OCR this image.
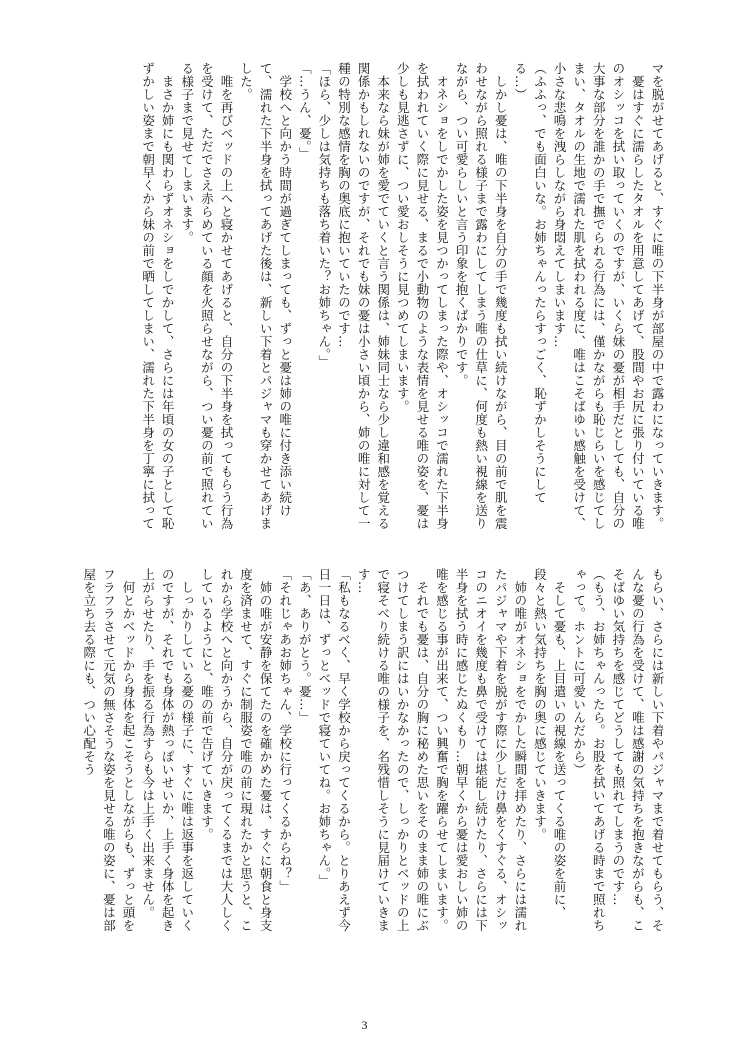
マを脱がせてあげると、すぐに唯の下半身が部屋の中で露わになっていきます。

　憂はすぐに濡らしたタオルを用意してあげて、股間やお尻に張り付いている唯のオシッコを拭い取っていくのですが、いくら妹の憂が相手だとしても、自分の大事な部分を誰かの手で撫でられる行為には、僅かながらも恥じらいを感じてしまい、タオルの生地で濡れた肌を拭われる度に、唯はこそばゆい感触を受けて、小さな悲鳴を洩らしながら身悶えてしまいます…

（ふふっ、でも面白いな。お姉ちゃんったらすっごく、恥ずかしそうにしてる…）

　しかし憂は、唯の下半身を自分の手で幾度も拭い続けながら、目の前で肌を震わせながら照れる様子まで露わにしてしまう唯の仕草に、何度も熱い視線を送りながら、つい可愛らしいと言う印象を抱くばかりです。

　オネショをしでかした姿を見つかってしまった際や、オシッコで濡れた下半身を拭われていく際に見せる、まるで小動物のような表情を見せる唯の姿を、憂は少しも見逃さずに、つい愛おしそうに見つめてしまいます。

　本来なら妹が姉を愛でていくと言う関係は、姉妹同士なら少し違和感を覚える関係かもしれないのですが、それでも妹の憂は小さい頃から、姉の唯に対して一種の特別な感情を胸の奥底に抱いていたのです…

「ほら、少しは気持ちも落ち着いた？お姉ちゃん。」

「…うん、憂。」

　学校へと向かう時間が過ぎてしまっても、ずっと憂は姉の唯に付き添い続けて、濡れた下半身を拭ってあげた後は、新しい下着とパジャマも穿かせてあげました。

　唯を再びベッドの上へと寝かせてあげると、自分の下半身を拭ってもらう行為を受けて、ただでさえ赤らめている顔を火照らせながら、つい憂の前で照れている様子まで見せてしまいます。

　まさか姉にも関わらずオネショをしでかして、さらには年頃の女の子として恥ずかしい姿まで朝早くから妹の前で晒してしまい、濡れた下半身を丁寧に拭って

もらい、さらには新しい下着やパジャマまで着せてもらう、そんな憂の行為を受けて、唯は感謝の気持ちを抱きながらも、こそばゆい気持ちを感じてどうしても照れてしまうのです…

（もう、お姉ちゃんったら。お股を拭いてあげる時まで照れちゃって。ホントに可愛いんだから）

　そして憂も、上目遣いの視線を送ってくる唯の姿を前に、段々と熱い気持ちを胸の奥に感じていきます。

　姉の唯がオネショをでかした瞬間を拝めたり、さらには濡れたパジャマや下着を脱がす際に少しだけ鼻をくすぐる、オシッコのニオイを幾度も鼻で受けては堪能し続けたり、さらには下半身を拭う時に感じたぬくもり…朝早くから憂は愛おしい姉の唯を感じる事が出来て、つい興奮で胸を躍らせてしまいます。

　それでも憂は、自分の胸に秘めた思いをそのまま姉の唯にぶつけてしまう訳にはいかなかったので、しっかりとベッドの上で寝そべり続ける唯の様子を、名残惜しそうに見届けていきます…

「私もなるべく、早く学校から戻ってくるから。とりあえず今日一日は、ずっとベッドで寝ていてね。お姉ちゃん。」

「あ、ありがとう。憂…」

「それじゃあお姉ちゃん、学校に行ってくるからね？」

　姉の唯が安静を保てたのを確かめた憂は、すぐに朝食と身支度を済ませて、すぐに制服姿で唯の前に現れたかと思うと、これから学校へと向かうから、自分が戻ってくるまでは大人しくしているようにと、唯の前で告げていきます。

　しっかりしている憂の様子に、すぐに唯は返事を返していくのですが、それでも身体が熱っぽいせいか、上手く身体を起き上がらせたり、手を振る行為すらも今は上手く出来ません。

　何とかベッドから身体を起こそうとしながらも、ずっと頭をフラフラさせて元気の無さそうな姿を見せる唯の姿に、憂は部屋を立ち去る際にも、つい心配そう

3
